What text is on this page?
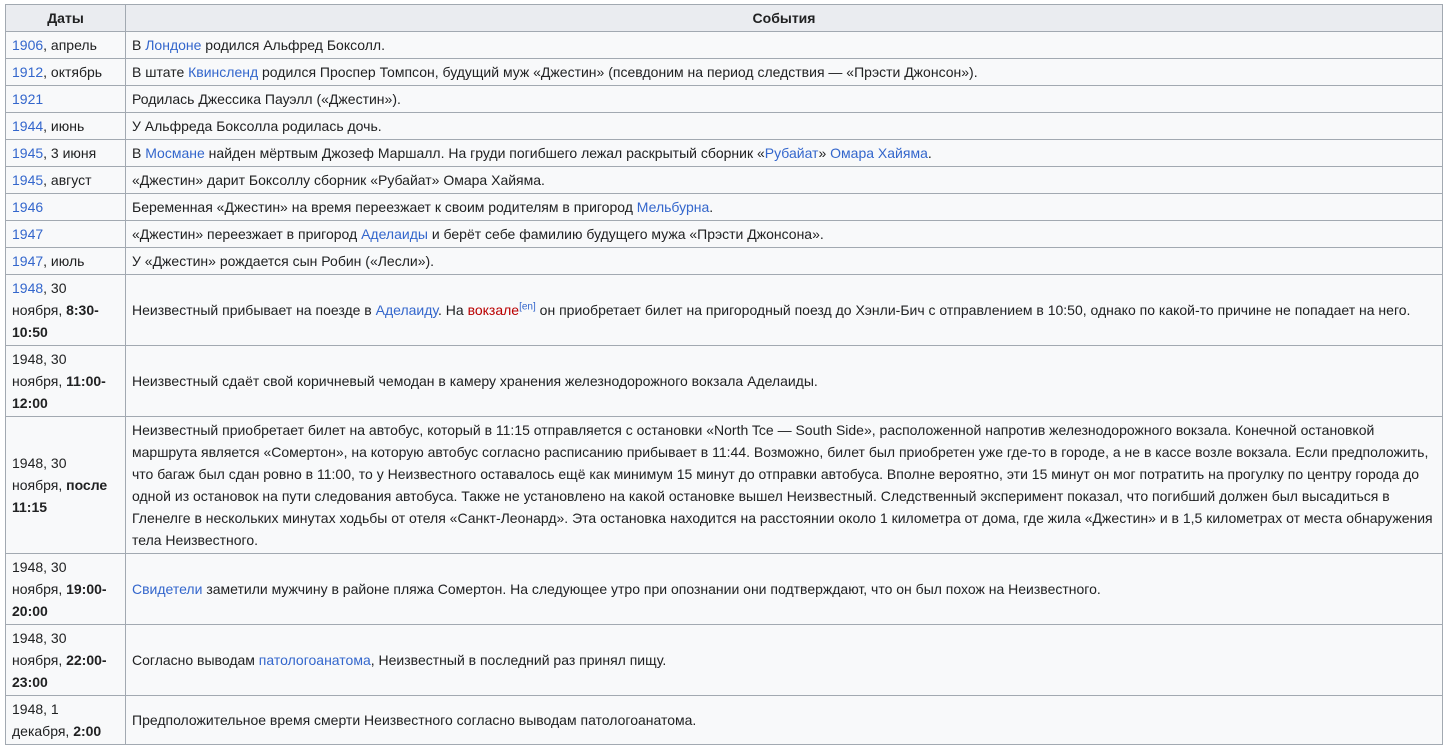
Даты	События
1906, апрель	В Лондоне родился Альфред Боксолл.
1912, октябрь	В штате Квинсленд родился Проспер Томпсон, будущий муж «Джестин» (псевдоним на период следствия — «Прэсти Джонсон»).
1921	Родилась Джессика Пауэлл («Джестин»).
1944, июнь	У Альфреда Боксолла родилась дочь.
1945, 3 июня	В Мосмане найден мёртвым Джозеф Маршалл. На груди погибшего лежал раскрытый сборник «Рубайат» Омара Хайяма.
1945, август	«Джестин» дарит Боксоллу сборник «Рубайат» Омара Хайяма.
1946	Беременная «Джестин» на время переезжает к своим родителям в пригород Мельбурна.
1947	«Джестин» переезжает в пригород Аделаиды и берёт себе фамилию будущего мужа «Прэсти Джонсона».
1947, июль	У «Джестин» рождается сын Робин («Лесли»).
1948, 30 ноября, 8:30-10:50	Неизвестный прибывает на поезде в Аделаиду. На вокзале[en] он приобретает билет на пригородный поезд до Хэнли-Бич с отправлением в 10:50, однако по какой-то причине не попадает на него.
1948, 30 ноября, 11:00-12:00	Неизвестный сдаёт свой коричневый чемодан в камеру хранения железнодорожного вокзала Аделаиды.
1948, 30 ноября, после 11:15	Неизвестный приобретает билет на автобус, который в 11:15 отправляется с остановки «North Tce — South Side», расположенной напротив железнодорожного вокзала. Конечной остановкой маршрута является «Сомертон», на которую автобус согласно расписанию прибывает в 11:44. Возможно, билет был приобретен уже где-то в городе, а не в кассе возле вокзала. Если предположить, что багаж был сдан ровно в 11:00, то у Неизвестного оставалось ещё как минимум 15 минут до отправки автобуса. Вполне вероятно, эти 15 минут он мог потратить на прогулку по центру города до одной из остановок на пути следования автобуса. Также не установлено на какой остановке вышел Неизвестный. Следственный эксперимент показал, что погибший должен был высадиться в Гленелге в нескольких минутах ходьбы от отеля «Санкт-Леонард». Эта остановка находится на расстоянии около 1 километра от дома, где жила «Джестин» и в 1,5 километрах от места обнаружения тела Неизвестного.
1948, 30 ноября, 19:00-20:00	Свидетели заметили мужчину в районе пляжа Сомертон. На следующее утро при опознании они подтверждают, что он был похож на Неизвестного.
1948, 30 ноября, 22:00-23:00	Согласно выводам патологоанатома, Неизвестный в последний раз принял пищу.
1948, 1 декабря, 2:00	Предположительное время смерти Неизвестного согласно выводам патологоанатома.
